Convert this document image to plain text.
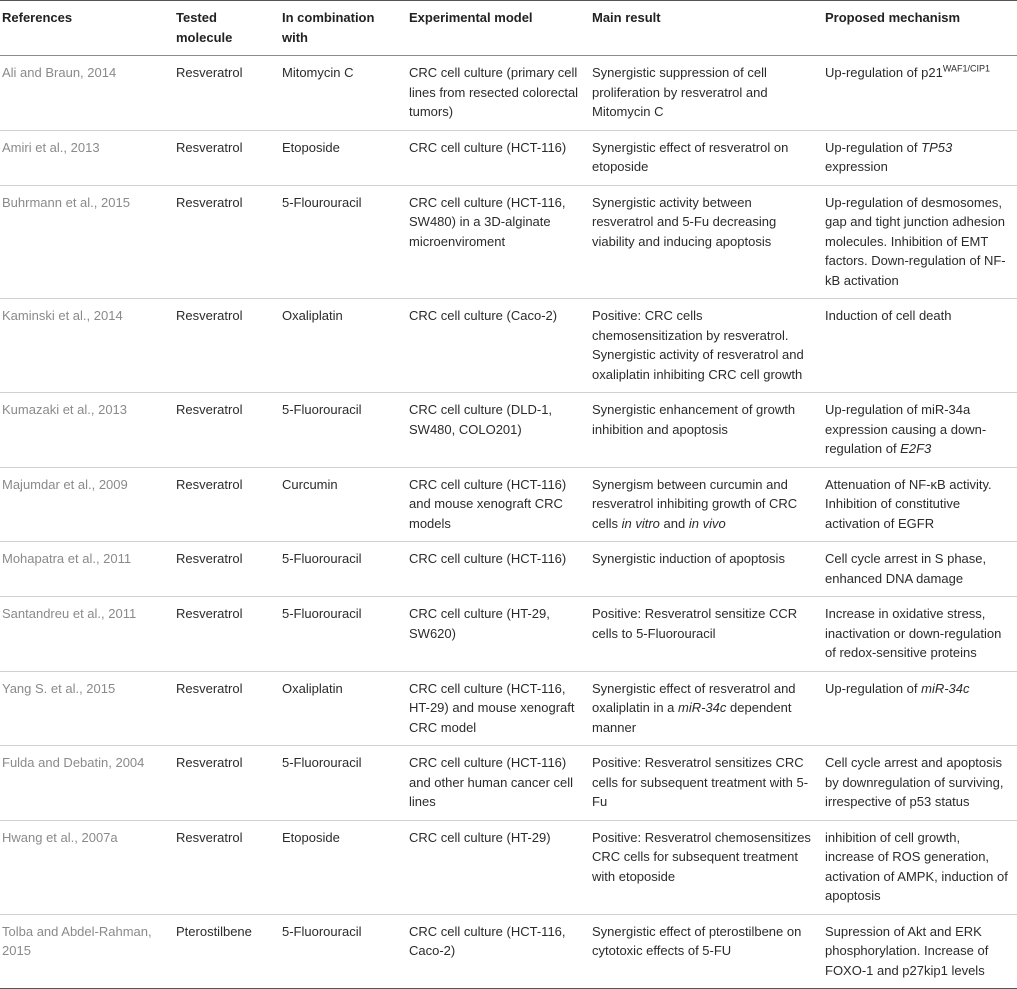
References	Tested molecule	In combination with	Experimental model	Main result	Proposed mechanism
Ali and Braun, 2014	Resveratrol	Mitomycin C	CRC cell culture (primary cell lines from resected colorectal tumors)	Synergistic suppression of cell proliferation by resveratrol and Mitomycin C	Up-regulation of $p21^{WAF1/CIP1}$
Amiri et al., 2013	Resveratrol	Etoposide	CRC cell culture (HCT-116)	Synergistic effect of resveratrol on etoposide	Up-regulation of TP53 expression
Buhrmann et al., 2015	Resveratrol	5-Flourouracil	CRC cell culture (HCT-116, SW480) in a 3D-alginate microenviroment	Synergistic activity between resveratrol and 5-Fu decreasing viability and inducing apoptosis	Up-regulation of desmosomes, gap and tight junction adhesion molecules. Inhibition of EMT factors. Down-regulation of NF-kB activation
Kaminski et al., 2014	Resveratrol	Oxaliplatin	CRC cell culture (Caco-2)	Positive: CRC cells chemosensitization by resveratrol. Synergistic activity of resveratrol and oxaliplatin inhibiting CRC cell growth	Induction of cell death
Kumazaki et al., 2013	Resveratrol	5-Fluorouracil	CRC cell culture (DLD-1, SW480, COLO201)	Synergistic enhancement of growth inhibition and apoptosis	Up-regulation of miR-34a expression causing a down-regulation of E2F3
Majumdar et al., 2009	Resveratrol	Curcumin	CRC cell culture (HCT-116) and mouse xenograft CRC models	Synergism between curcumin and resveratrol inhibiting growth of CRC cells in vitro and in vivo	Attenuation of NF-κB activity. Inhibition of constitutive activation of EGFR
Mohapatra et al., 2011	Resveratrol	5-Fluorouracil	CRC cell culture (HCT-116)	Synergistic induction of apoptosis	Cell cycle arrest in S phase, enhanced DNA damage
Santandreu et al., 2011	Resveratrol	5-Fluorouracil	CRC cell culture (HT-29, SW620)	Positive: Resveratrol sensitize CCR cells to 5-Fluorouracil	Increase in oxidative stress, inactivation or down-regulation of redox-sensitive proteins
Yang S. et al., 2015	Resveratrol	Oxaliplatin	CRC cell culture (HCT-116, HT-29) and mouse xenograft CRC model	Synergistic effect of resveratrol and oxaliplatin in a miR-34c dependent manner	Up-regulation of miR-34c
Fulda and Debatin, 2004	Resveratrol	5-Fluorouracil	CRC cell culture (HCT-116) and other human cancer cell lines	Positive: Resveratrol sensitizes CRC cells for subsequent treatment with 5-Fu	Cell cycle arrest and apoptosis by downregulation of surviving, irrespective of p53 status
Hwang et al., 2007a	Resveratrol	Etoposide	CRC cell culture (HT-29)	Positive: Resveratrol chemosensitizes CRC cells for subsequent treatment with etoposide	inhibition of cell growth, increase of ROS generation, activation of AMPK, induction of apoptosis
Tolba and Abdel-Rahman, 2015	Pterostilbene	5-Fluorouracil	CRC cell culture (HCT-116, Caco-2)	Synergistic effect of pterostilbene on cytotoxic effects of 5-FU	Supression of Akt and ERK phosphorylation. Increase of FOXO-1 and p27kip1 levels
